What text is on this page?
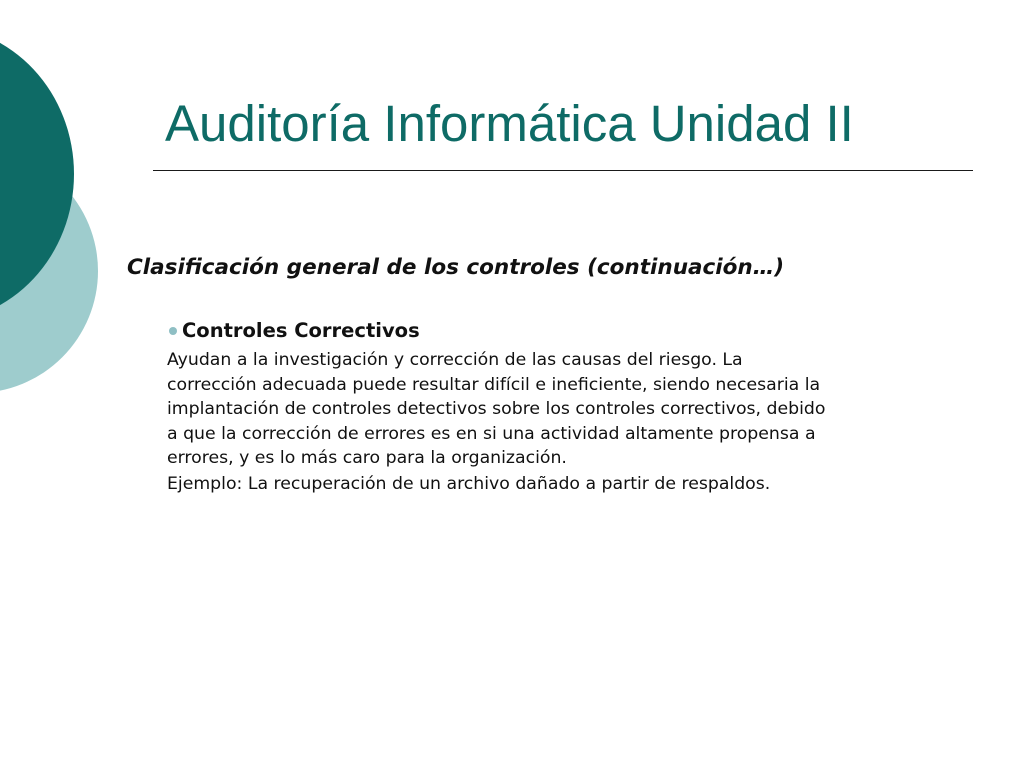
Auditoría Informática Unidad II
Clasificación general de los controles (continuación…)
Controles Correctivos

Ayudan a la investigación y corrección de las causas del riesgo. La
corrección adecuada puede resultar difícil e ineficiente, siendo necesaria la
implantación de controles detectivos sobre los controles correctivos, debido
a que la corrección de errores es en si una actividad altamente propensa a
errores, y es lo más caro para la organización.

Ejemplo: La recuperación de un archivo dañado a partir de respaldos.
